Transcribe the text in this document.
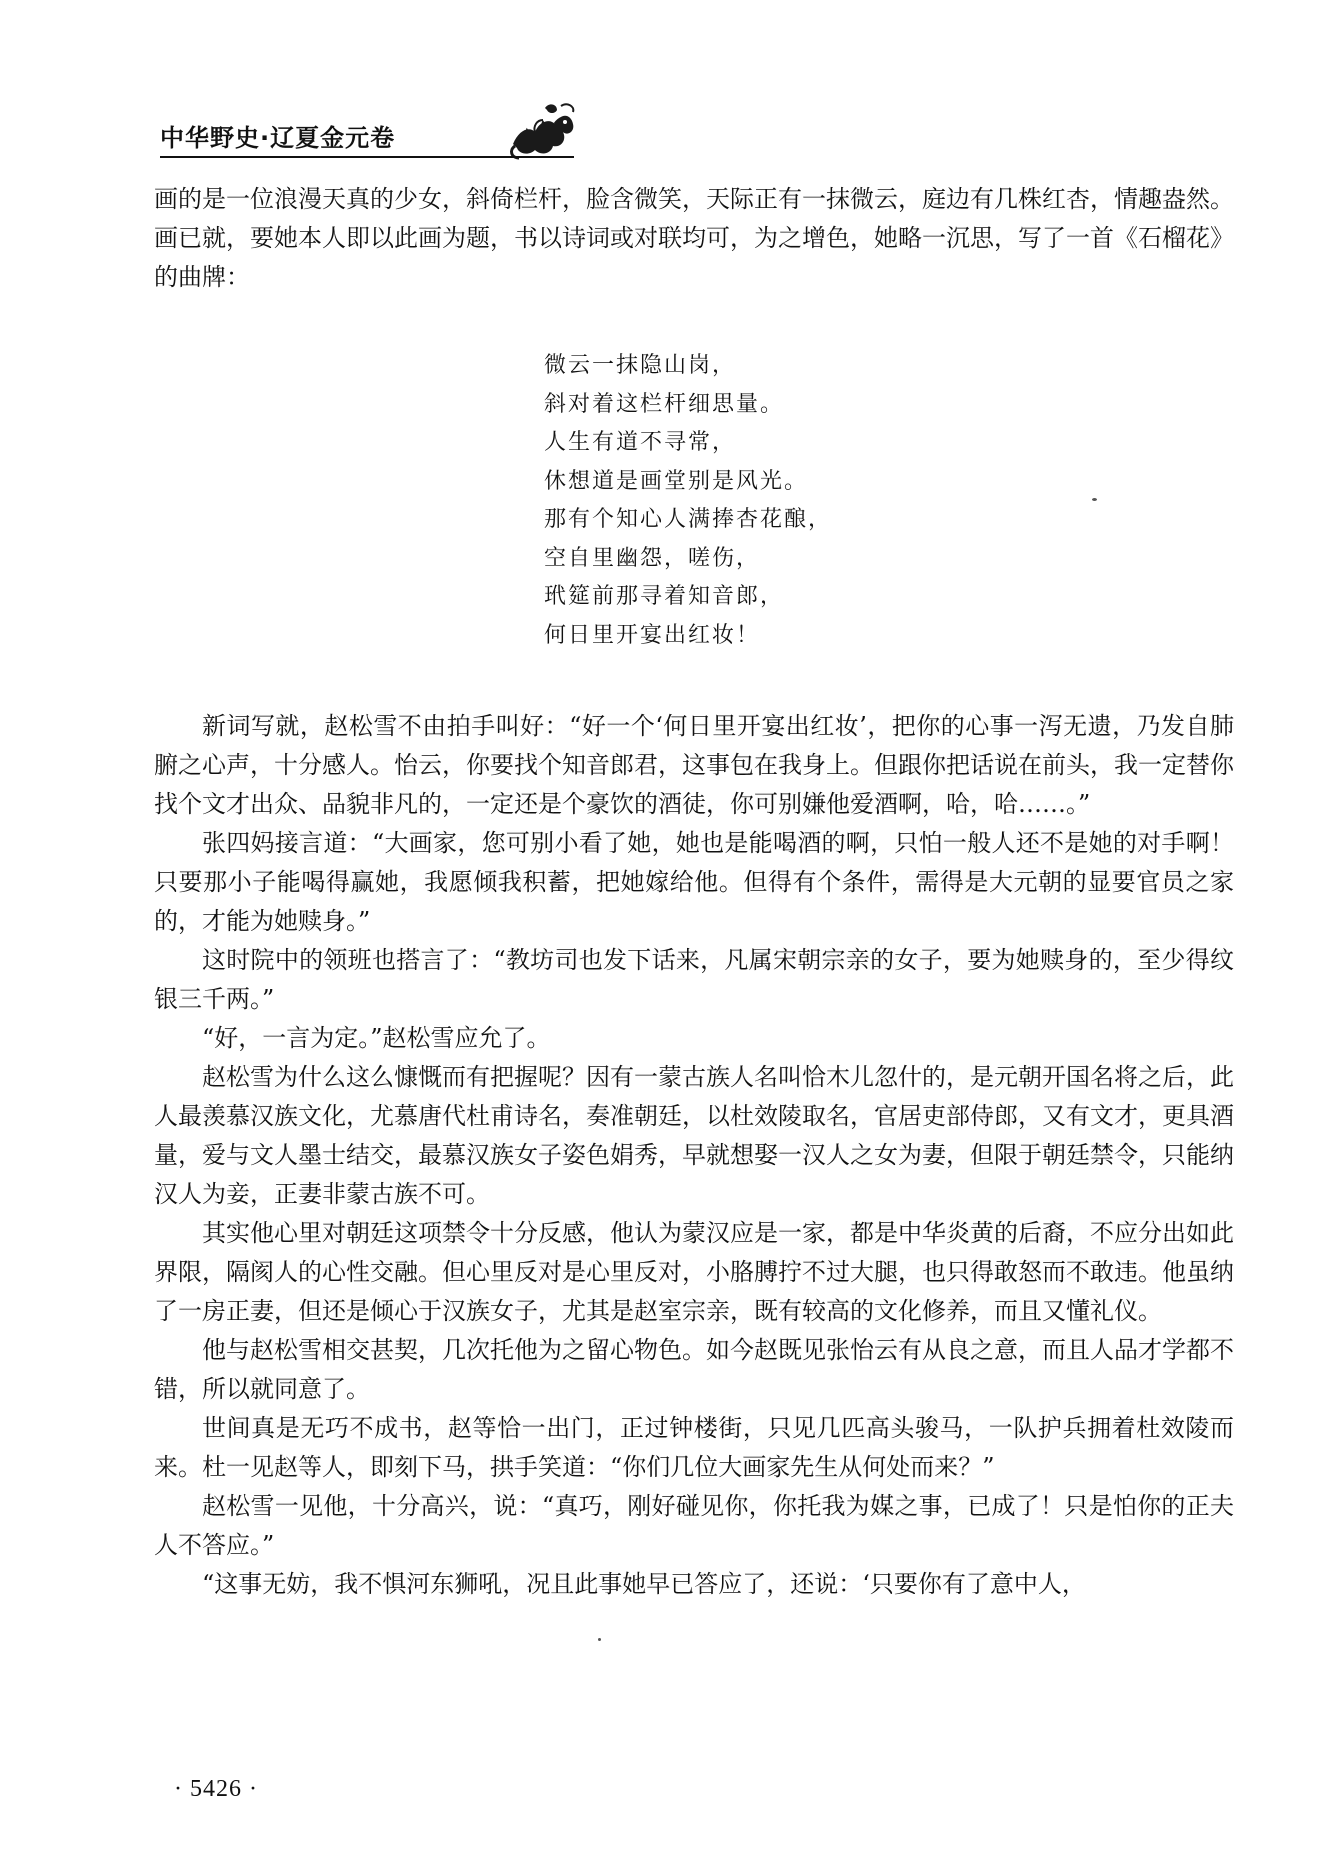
中华野史·辽夏金元卷

画的是一位浪漫天真的少女，斜倚栏杆，脸含微笑，天际正有一抹微云，庭边有几株红杏，情趣盎然。画已就，要她本人即以此画为题，书以诗词或对联均可，为之增色，她略一沉思，写了一首《石榴花》的曲牌：

微云一抹隐山岗，
斜对着这栏杆细思量。
人生有道不寻常，
休想道是画堂别是风光。
那有个知心人满捧杏花酿，
空自里幽怨，嗟伤，
玳筵前那寻着知音郎，
何日里开宴出红妆！

新词写就，赵松雪不由拍手叫好：“好一个‘何日里开宴出红妆’，把你的心事一泻无遗，乃发自肺腑之心声，十分感人。怡云，你要找个知音郎君，这事包在我身上。但跟你把话说在前头，我一定替你找个文才出众、品貌非凡的，一定还是个豪饮的酒徒，你可别嫌他爱酒啊，哈，哈……。”

张四妈接言道：“大画家，您可别小看了她，她也是能喝酒的啊，只怕一般人还不是她的对手啊！只要那小子能喝得赢她，我愿倾我积蓄，把她嫁给他。但得有个条件，需得是大元朝的显要官员之家的，才能为她赎身。”

这时院中的领班也搭言了：“教坊司也发下话来，凡属宋朝宗亲的女子，要为她赎身的，至少得纹银三千两。”

“好，一言为定。”赵松雪应允了。

赵松雪为什么这么慷慨而有把握呢？因有一蒙古族人名叫恰木儿忽什的，是元朝开国名将之后，此人最羡慕汉族文化，尤慕唐代杜甫诗名，奏准朝廷，以杜效陵取名，官居吏部侍郎，又有文才，更具酒量，爱与文人墨士结交，最慕汉族女子姿色娟秀，早就想娶一汉人之女为妻，但限于朝廷禁令，只能纳汉人为妾，正妻非蒙古族不可。

其实他心里对朝廷这项禁令十分反感，他认为蒙汉应是一家，都是中华炎黄的后裔，不应分出如此界限，隔阂人的心性交融。但心里反对是心里反对，小胳膊拧不过大腿，也只得敢怒而不敢违。他虽纳了一房正妻，但还是倾心于汉族女子，尤其是赵室宗亲，既有较高的文化修养，而且又懂礼仪。

他与赵松雪相交甚契，几次托他为之留心物色。如今赵既见张怡云有从良之意，而且人品才学都不错，所以就同意了。

世间真是无巧不成书，赵等恰一出门，正过钟楼街，只见几匹高头骏马，一队护兵拥着杜效陵而来。杜一见赵等人，即刻下马，拱手笑道：“你们几位大画家先生从何处而来？”

赵松雪一见他，十分高兴，说：“真巧，刚好碰见你，你托我为媒之事，已成了！只是怕你的正夫人不答应。”

“这事无妨，我不惧河东狮吼，况且此事她早已答应了，还说：‘只要你有了意中人，

· 5426 ·
